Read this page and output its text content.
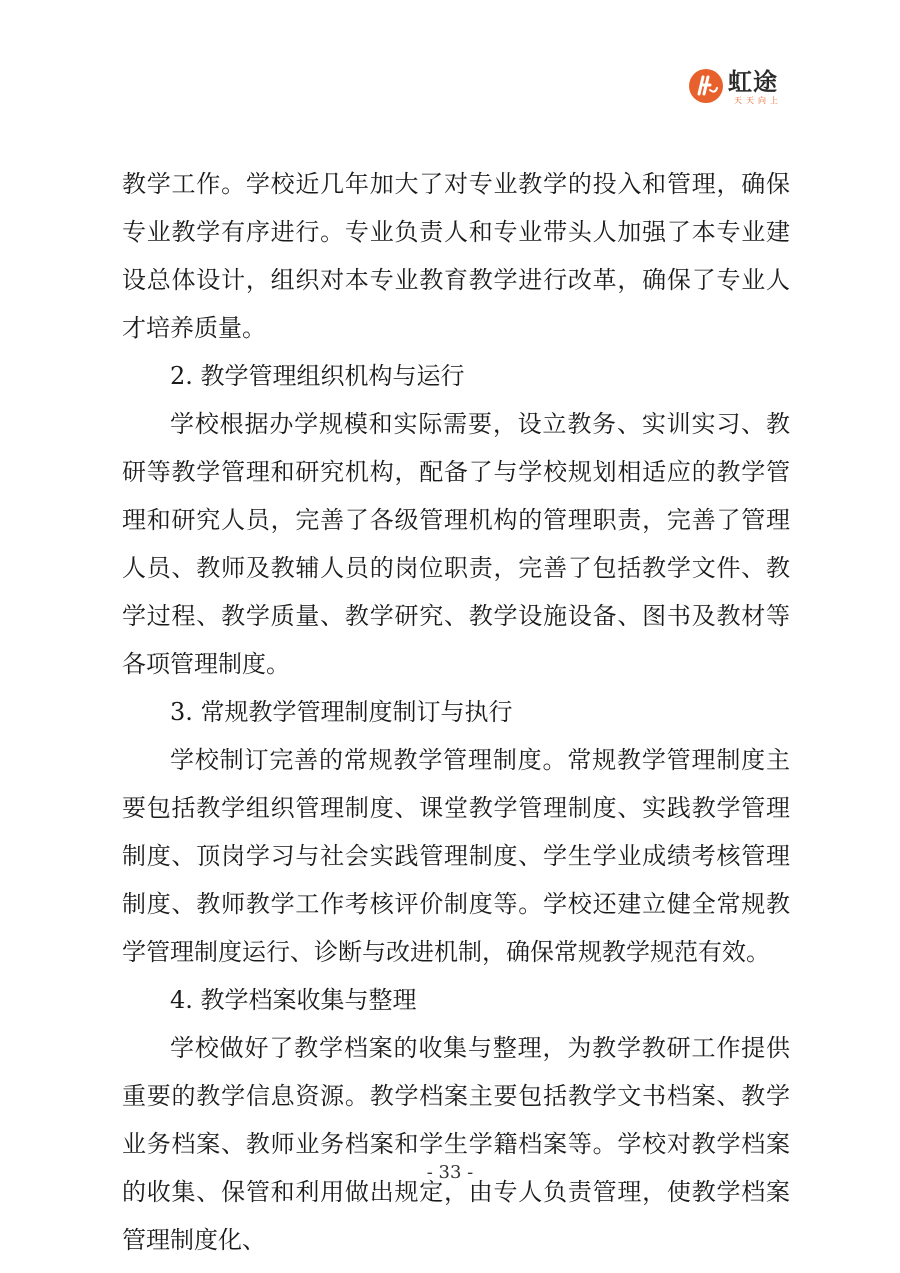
虹途
天天向上

教学工作。学校近几年加大了对专业教学的投入和管理，确保专业教学有序进行。专业负责人和专业带头人加强了本专业建设总体设计，组织对本专业教育教学进行改革，确保了专业人才培养质量。

2. 教学管理组织机构与运行

学校根据办学规模和实际需要，设立教务、实训实习、教研等教学管理和研究机构，配备了与学校规划相适应的教学管理和研究人员，完善了各级管理机构的管理职责，完善了管理人员、教师及教辅人员的岗位职责，完善了包括教学文件、教学过程、教学质量、教学研究、教学设施设备、图书及教材等各项管理制度。

3. 常规教学管理制度制订与执行

学校制订完善的常规教学管理制度。常规教学管理制度主要包括教学组织管理制度、课堂教学管理制度、实践教学管理制度、顶岗学习与社会实践管理制度、学生学业成绩考核管理制度、教师教学工作考核评价制度等。学校还建立健全常规教学管理制度运行、诊断与改进机制，确保常规教学规范有效。

4. 教学档案收集与整理

学校做好了教学档案的收集与整理，为教学教研工作提供重要的教学信息资源。教学档案主要包括教学文书档案、教学业务档案、教师业务档案和学生学籍档案等。学校对教学档案的收集、保管和利用做出规定，由专人负责管理，使教学档案管理制度化、

- 33 -
